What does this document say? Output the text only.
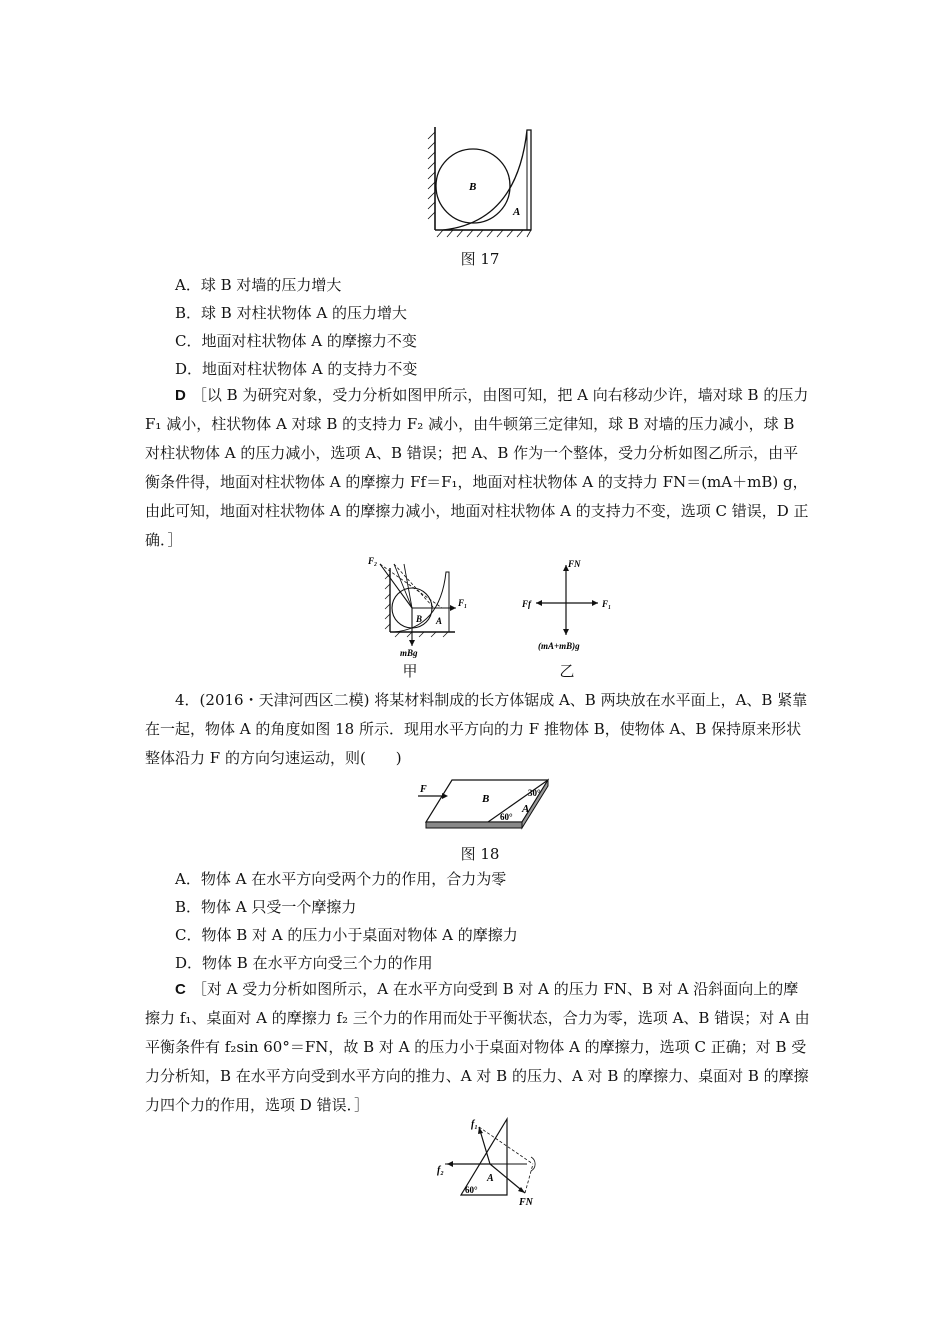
B
A
图 17
A．球 B 对墙的压力增大
B．球 B 对柱状物体 A 的压力增大
C．地面对柱状物体 A 的摩擦力不变
D．地面对柱状物体 A 的支持力不变
D ［以 B 为研究对象，受力分析如图甲所示，由图可知，把 A 向右移动少许，墙对球 B 的压力 F₁ 减小，柱状物体 A 对球 B 的支持力 F₂ 减小，由牛顿第三定律知，球 B 对墙的压力减小，球 B 对柱状物体 A 的压力减小，选项 A、B 错误；把 A、B 作为一个整体，受力分析如图乙所示，由平衡条件得，地面对柱状物体 A 的摩擦力 Ff＝F₁，地面对柱状物体 A 的支持力 FN＝(mA＋mB) g，由此可知，地面对柱状物体 A 的摩擦力减小，地面对柱状物体 A 的支持力不变，选项 C 错误，D 正确．］
F₂
F₁
B A
mBg
甲
FN
Ff	F₁
(mA+mB)g
乙
4．(2016・天津河西区二模) 将某材料制成的长方体锯成 A、B 两块放在水平面上，A、B 紧靠在一起，物体 A 的角度如图 18 所示．现用水平方向的力 F 推物体 B，使物体 A、B 保持原来形状整体沿力 F 的方向匀速运动，则(　　)
F
B
A
30°
60°
图 18
A．物体 A 在水平方向受两个力的作用，合力为零
B．物体 A 只受一个摩擦力
C．物体 B 对 A 的压力小于桌面对物体 A 的摩擦力
D．物体 B 在水平方向受三个力的作用
C ［对 A 受力分析如图所示，A 在水平方向受到 B 对 A 的压力 FN、B 对 A 沿斜面向上的摩擦力 f₁、桌面对 A 的摩擦力 f₂ 三个力的作用而处于平衡状态，合力为零，选项 A、B 错误；对 A 由平衡条件有 f₂sin 60°＝FN，故 B 对 A 的压力小于桌面对物体 A 的摩擦力，选项 C 正确；对 B 受力分析知，B 在水平方向受到水平方向的推力、A 对 B 的压力、A 对 B 的摩擦力、桌面对 B 的摩擦力四个力的作用，选项 D 错误．］
f₁
f₂
FN
A
60°
